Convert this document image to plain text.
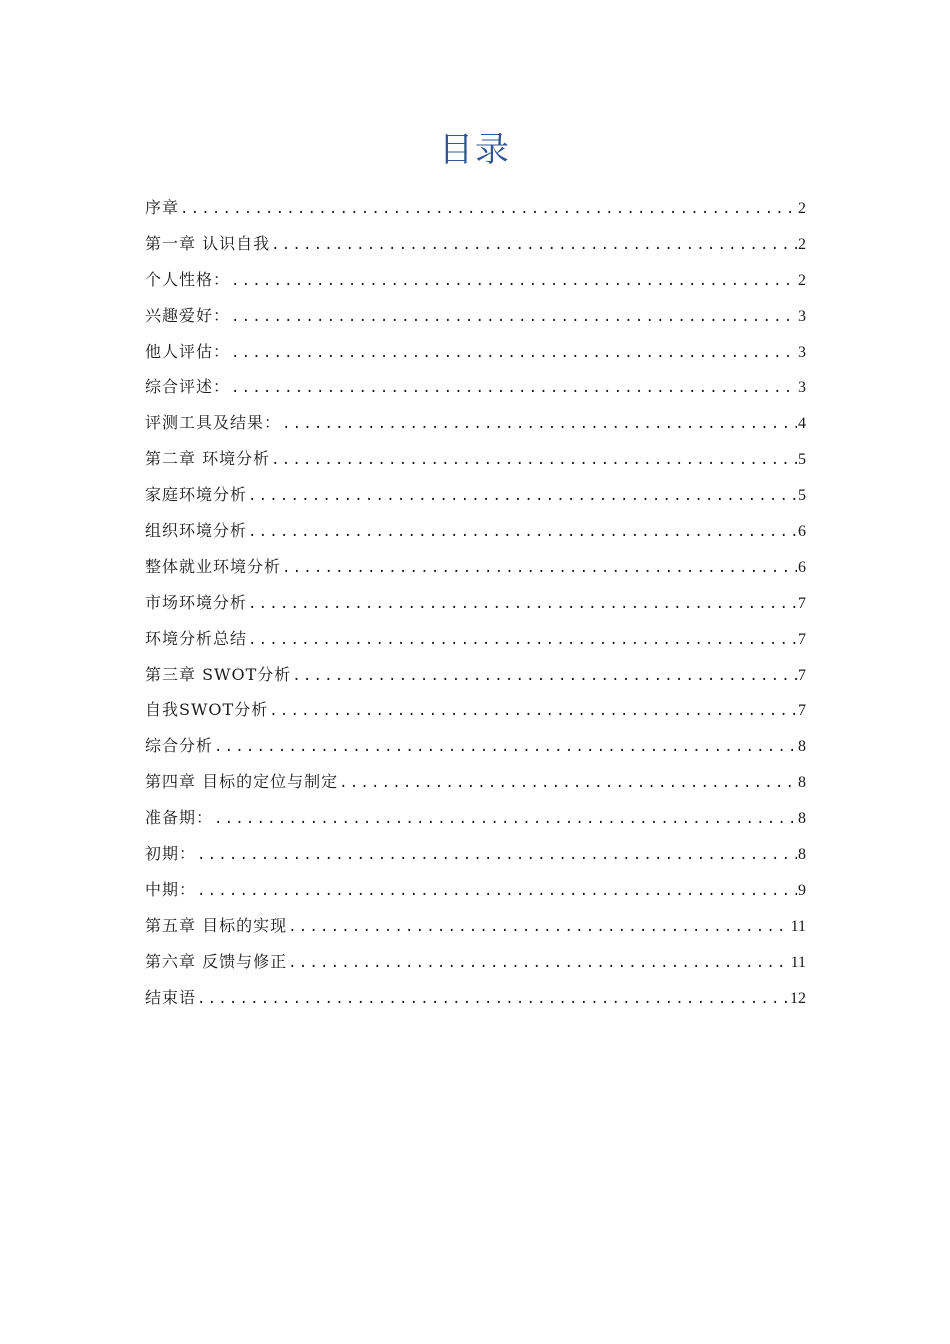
目录
序章 .....	2
第一章 认识自我 .....	2
个人性格： .....	2
兴趣爱好： .....	3
他人评估： .....	3
综合评述： .....	3
评测工具及结果： .....	4
第二章 环境分析 .....	5
家庭环境分析 .....	5
组织环境分析 .....	6
整体就业环境分析 .....	6
市场环境分析 .....	7
环境分析总结 .....	7
第三章 SWOT分析 .....	7
自我SWOT分析 .....	7
综合分析 .....	8
第四章 目标的定位与制定 .....	8
准备期： .....	8
初期： .....	8
中期： .....	9
第五章 目标的实现 .....	11
第六章 反馈与修正 .....	11
结束语 .....	12
